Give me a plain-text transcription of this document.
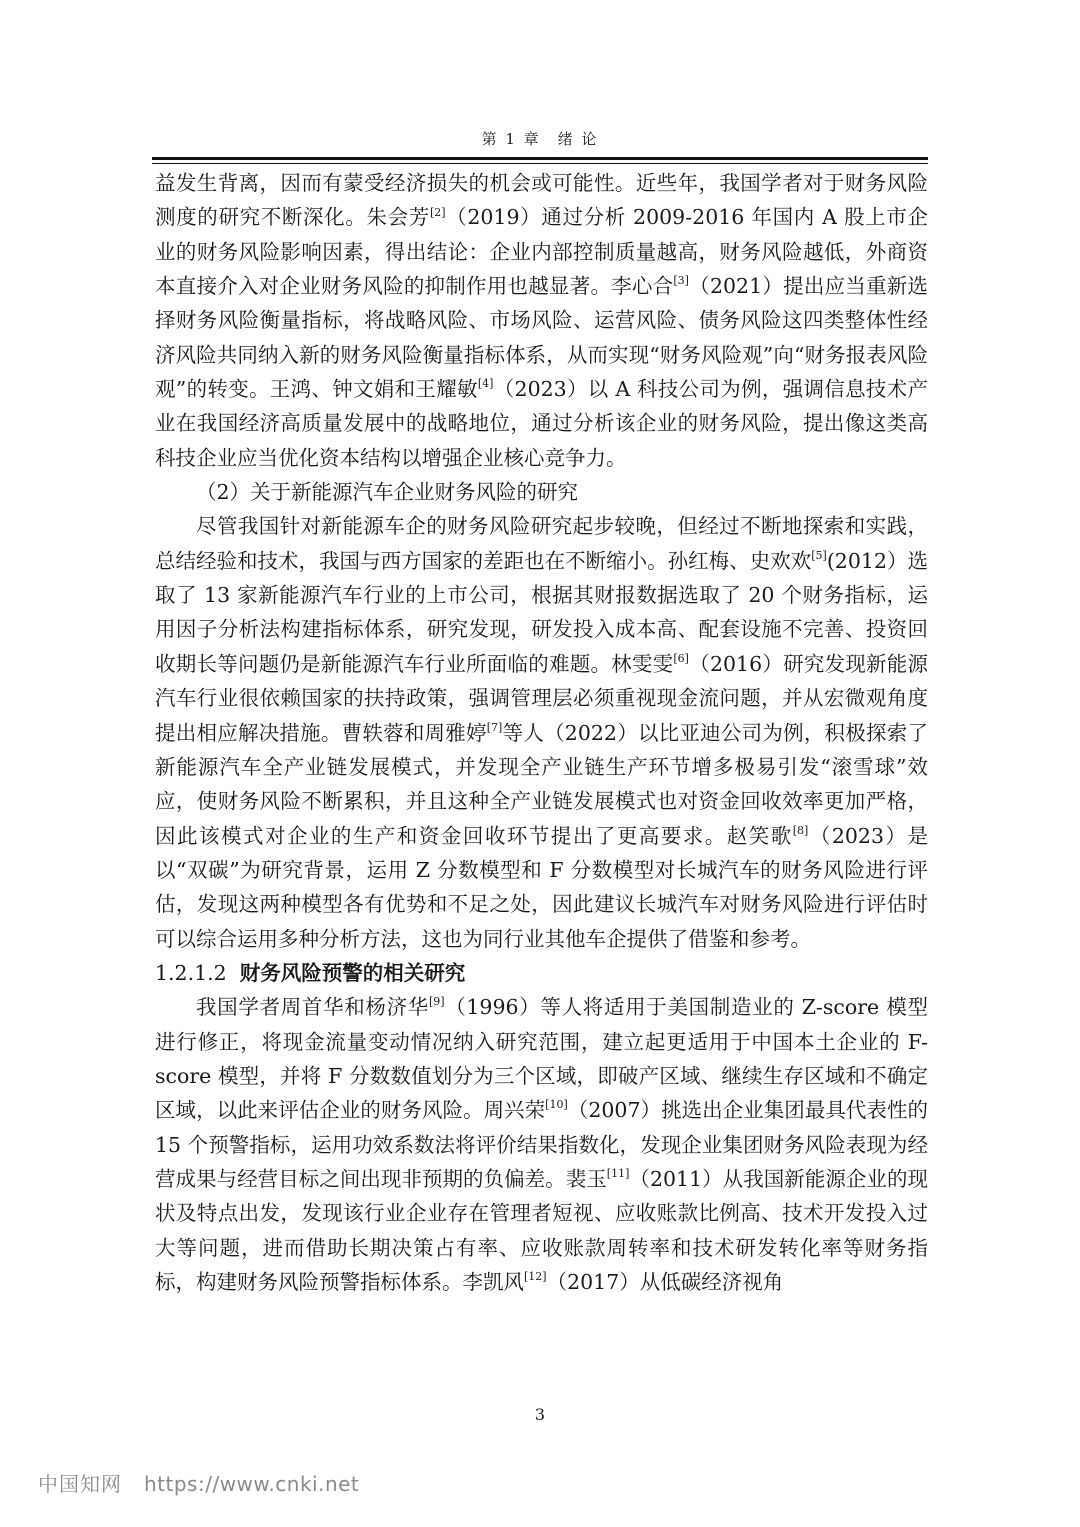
第 1 章　绪 论

益发生背离，因而有蒙受经济损失的机会或可能性。近些年，我国学者对于财务风险测度的研究不断深化。朱会芳[2]（2019）通过分析 2009-2016 年国内 A 股上市企业的财务风险影响因素，得出结论：企业内部控制质量越高，财务风险越低，外商资本直接介入对企业财务风险的抑制作用也越显著。李心合[3]（2021）提出应当重新选择财务风险衡量指标，将战略风险、市场风险、运营风险、债务风险这四类整体性经济风险共同纳入新的财务风险衡量指标体系，从而实现“财务风险观”向“财务报表风险观”的转变。王鸿、钟文娟和王耀敏[4]（2023）以 A 科技公司为例，强调信息技术产业在我国经济高质量发展中的战略地位，通过分析该企业的财务风险，提出像这类高科技企业应当优化资本结构以增强企业核心竞争力。

（2）关于新能源汽车企业财务风险的研究

尽管我国针对新能源车企的财务风险研究起步较晚，但经过不断地探索和实践，总结经验和技术，我国与西方国家的差距也在不断缩小。孙红梅、史欢欢[5](2012）选取了 13 家新能源汽车行业的上市公司，根据其财报数据选取了 20 个财务指标，运用因子分析法构建指标体系，研究发现，研发投入成本高、配套设施不完善、投资回收期长等问题仍是新能源汽车行业所面临的难题。林雯雯[6]（2016）研究发现新能源汽车行业很依赖国家的扶持政策，强调管理层必须重视现金流问题，并从宏微观角度提出相应解决措施。曹轶蓉和周雅婷[7]等人（2022）以比亚迪公司为例，积极探索了新能源汽车全产业链发展模式，并发现全产业链生产环节增多极易引发“滚雪球”效应，使财务风险不断累积，并且这种全产业链发展模式也对资金回收效率更加严格，因此该模式对企业的生产和资金回收环节提出了更高要求。赵笑歌[8]（2023）是以“双碳”为研究背景，运用 Z 分数模型和 F 分数模型对长城汽车的财务风险进行评估，发现这两种模型各有优势和不足之处，因此建议长城汽车对财务风险进行评估时可以综合运用多种分析方法，这也为同行业其他车企提供了借鉴和参考。

1.2.1.2 财务风险预警的相关研究

我国学者周首华和杨济华[9]（1996）等人将适用于美国制造业的 Z-score 模型进行修正，将现金流量变动情况纳入研究范围，建立起更适用于中国本土企业的 F-score 模型，并将 F 分数数值划分为三个区域，即破产区域、继续生存区域和不确定区域，以此来评估企业的财务风险。周兴荣[10]（2007）挑选出企业集团最具代表性的 15 个预警指标，运用功效系数法将评价结果指数化，发现企业集团财务风险表现为经营成果与经营目标之间出现非预期的负偏差。裴玉[11]（2011）从我国新能源企业的现状及特点出发，发现该行业企业存在管理者短视、应收账款比例高、技术开发投入过大等问题，进而借助长期决策占有率、应收账款周转率和技术研发转化率等财务指标，构建财务风险预警指标体系。李凯风[12]（2017）从低碳经济视角

3
中国知网 https://www.cnki.net
